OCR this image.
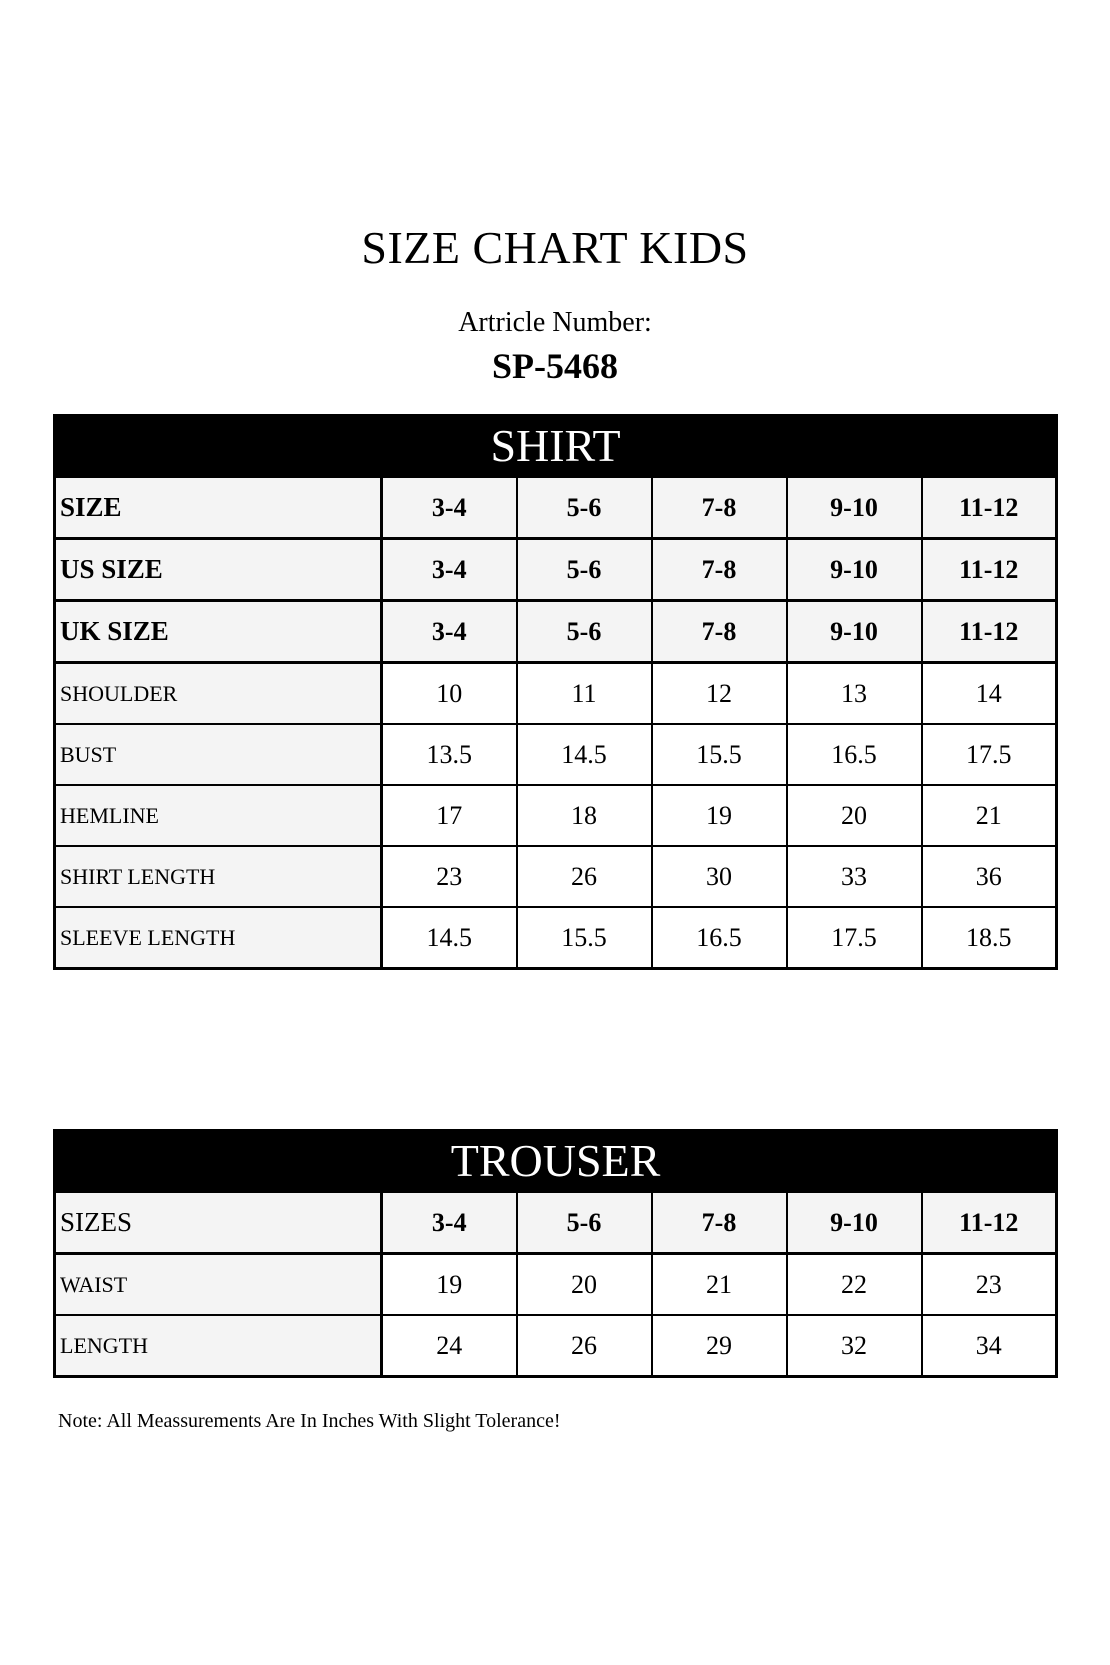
SIZE CHART KIDS
Artricle Number:
SP-5468
SHIRT					
SIZE	3-4	5-6	7-8	9-10	11-12
US SIZE	3-4	5-6	7-8	9-10	11-12
UK SIZE	3-4	5-6	7-8	9-10	11-12
SHOULDER	10	11	12	13	14
BUST	13.5	14.5	15.5	16.5	17.5
HEMLINE	17	18	19	20	21
SHIRT LENGTH	23	26	30	33	36
SLEEVE LENGTH	14.5	15.5	16.5	17.5	18.5
TROUSER					
SIZES	3-4	5-6	7-8	9-10	11-12
WAIST	19	20	21	22	23
LENGTH	24	26	29	32	34
Note: All Meassurements Are In Inches With Slight Tolerance!
